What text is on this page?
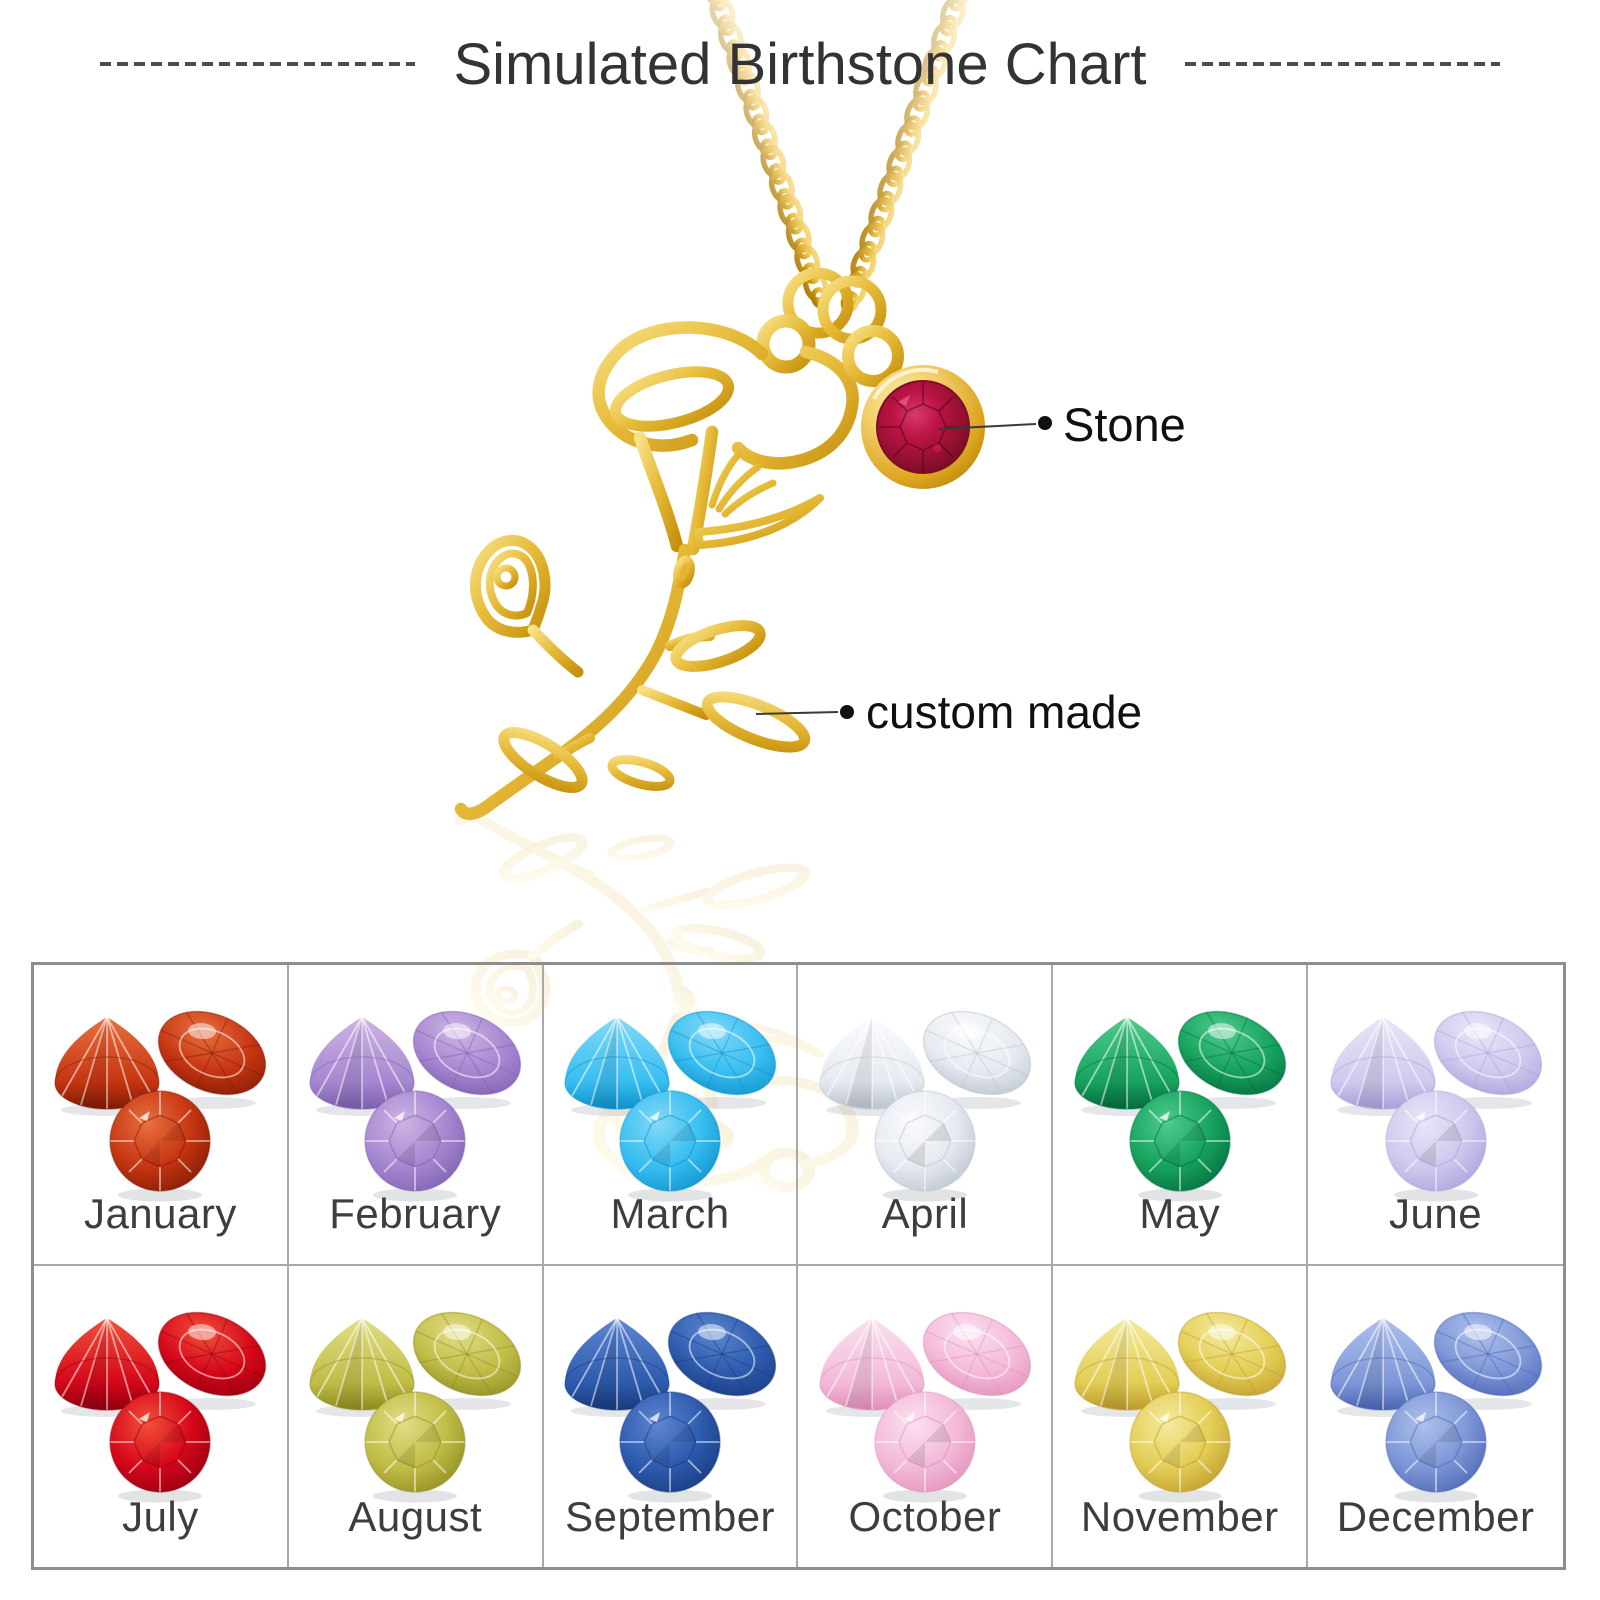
Simulated Birthstone Chart
Stone
custom made
January	February	March	April	May	June
July	August	September	October	November	December
